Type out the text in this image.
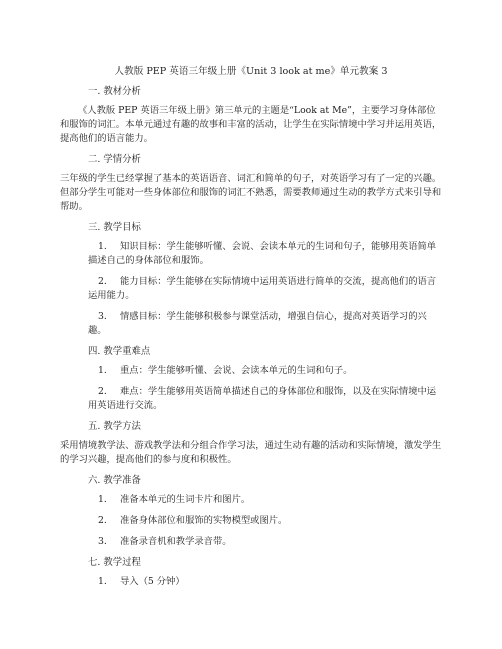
人教版 PEP 英语三年级上册《Unit 3 look at me》单元教案 3
一. 教材分析
《人教版 PEP 英语三年级上册》第三单元的主题是“Look at Me”，主要学习身体部位和服饰的词汇。本单元通过有趣的故事和丰富的活动，让学生在实际情境中学习并运用英语，提高他们的语言能力。
二. 学情分析
三年级的学生已经掌握了基本的英语语音、词汇和简单的句子，对英语学习有了一定的兴趣。但部分学生可能对一些身体部位和服饰的词汇不熟悉，需要教师通过生动的教学方式来引导和帮助。
三. 教学目标
1. 知识目标：学生能够听懂、会说、会读本单元的生词和句子，能够用英语简单描述自己的身体部位和服饰。
2. 能力目标：学生能够在实际情境中运用英语进行简单的交流，提高他们的语言运用能力。
3. 情感目标：学生能够积极参与课堂活动，增强自信心，提高对英语学习的兴趣。
四. 教学重难点
1. 重点：学生能够听懂、会说、会读本单元的生词和句子。
2. 难点：学生能够用英语简单描述自己的身体部位和服饰，以及在实际情境中运用英语进行交流。
五. 教学方法
采用情境教学法、游戏教学法和分组合作学习法，通过生动有趣的活动和实际情境，激发学生的学习兴趣，提高他们的参与度和积极性。
六. 教学准备
1. 准备本单元的生词卡片和图片。
2. 准备身体部位和服饰的实物模型或图片。
3. 准备录音机和教学录音带。
七. 教学过程
1. 导入（5 分钟）
